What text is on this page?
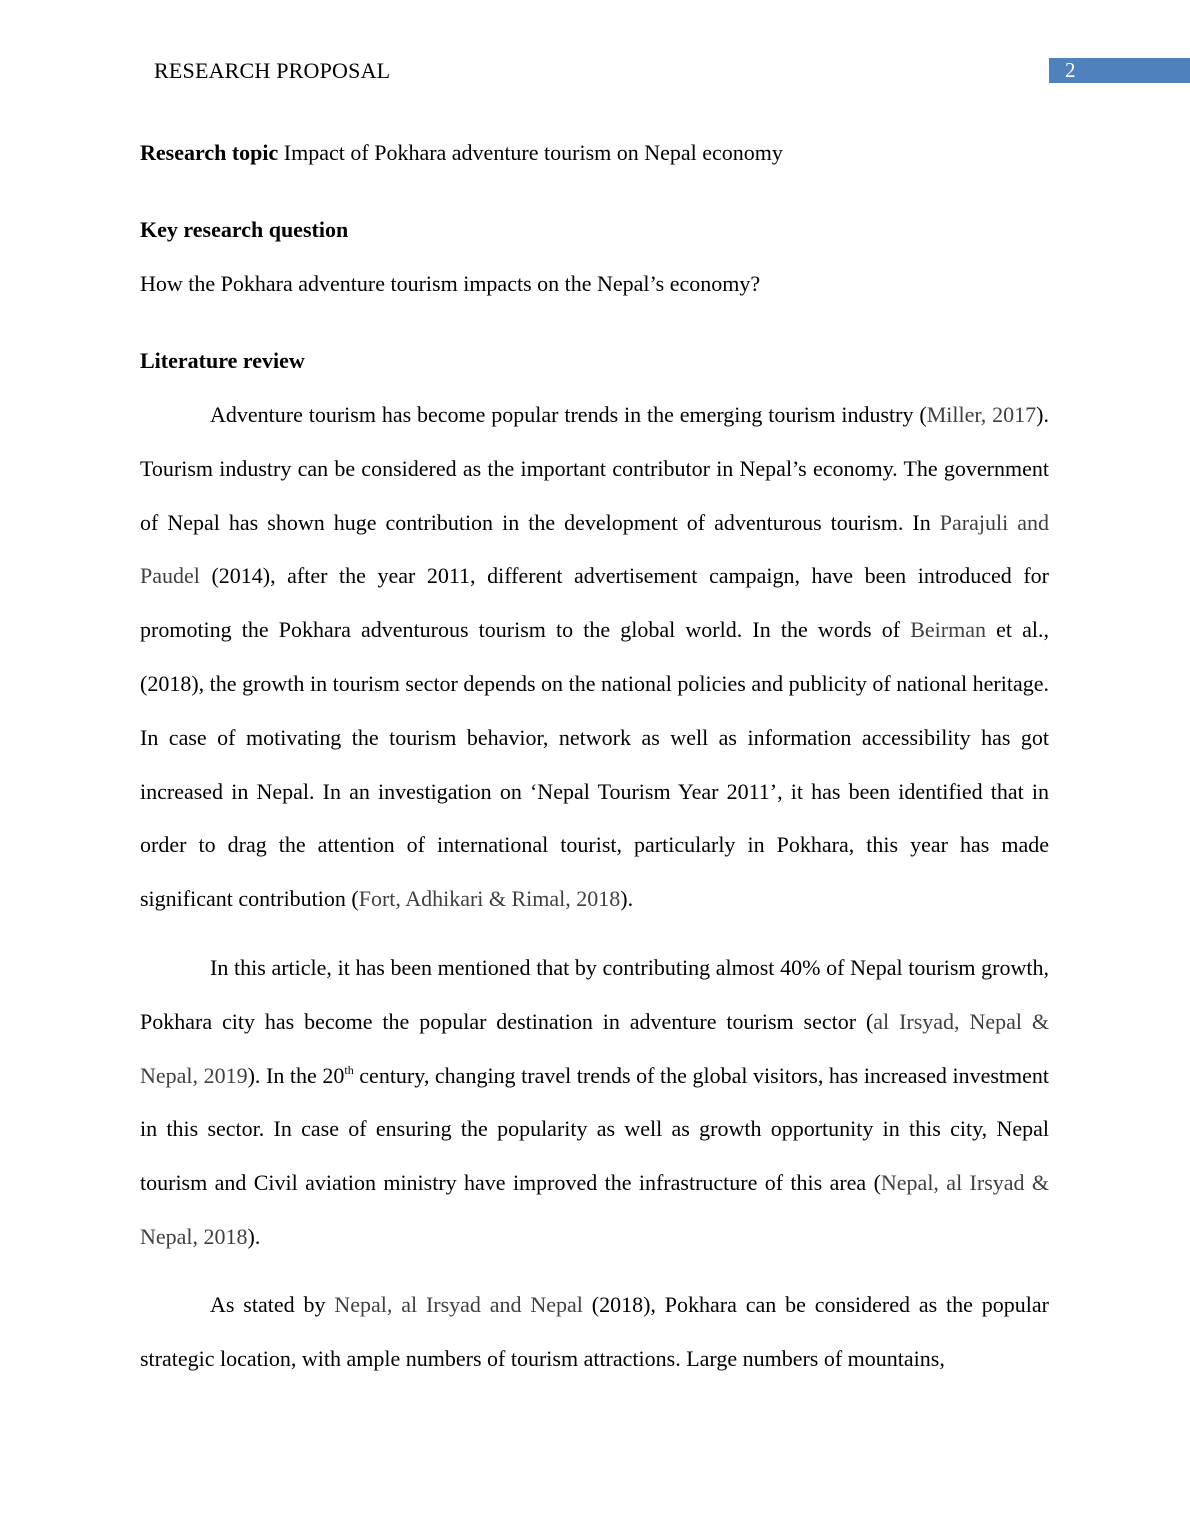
RESEARCH PROPOSAL	2
Research topic Impact of Pokhara adventure tourism on Nepal economy
Key research question
How the Pokhara adventure tourism impacts on the Nepal’s economy?
Literature review

Adventure tourism has become popular trends in the emerging tourism industry (Miller, 2017). Tourism industry can be considered as the important contributor in Nepal’s economy. The government of Nepal has shown huge contribution in the development of adventurous tourism. In Parajuli and Paudel (2014), after the year 2011, different advertisement campaign, have been introduced for promoting the Pokhara adventurous tourism to the global world. In the words of Beirman et al., (2018), the growth in tourism sector depends on the national policies and publicity of national heritage. In case of motivating the tourism behavior, network as well as information accessibility has got increased in Nepal. In an investigation on ‘Nepal Tourism Year 2011’, it has been identified that in order to drag the attention of international tourist, particularly in Pokhara, this year has made significant contribution (Fort, Adhikari & Rimal, 2018).

In this article, it has been mentioned that by contributing almost 40% of Nepal tourism growth, Pokhara city has become the popular destination in adventure tourism sector (al Irsyad, Nepal & Nepal, 2019). In the 20th century, changing travel trends of the global visitors, has increased investment in this sector. In case of ensuring the popularity as well as growth opportunity in this city, Nepal tourism and Civil aviation ministry have improved the infrastructure of this area (Nepal, al Irsyad & Nepal, 2018).

As stated by Nepal, al Irsyad and Nepal (2018), Pokhara can be considered as the popular strategic location, with ample numbers of tourism attractions. Large numbers of mountains,
